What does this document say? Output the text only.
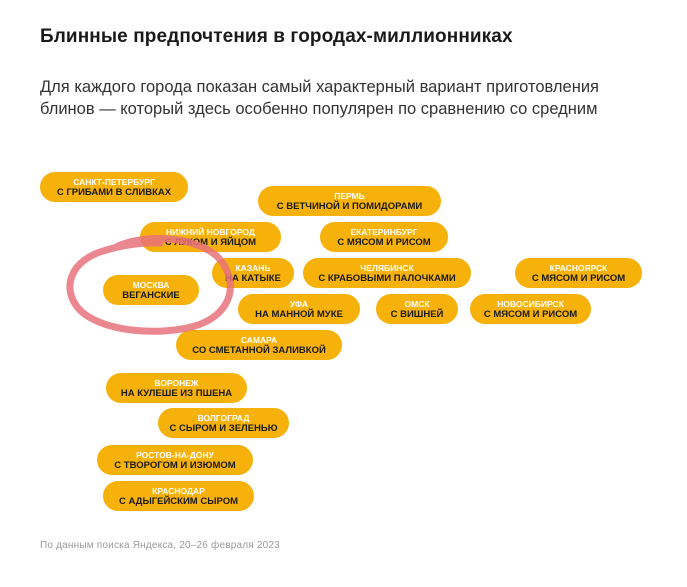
Блинные предпочтения в городах-миллионниках
Для каждого города показан самый характерный вариант приготовления блинов — который здесь особенно популярен по сравнению со средним
САНКТ-ПЕТЕРБУРГ
С ГРИБАМИ В СЛИВКАХ	ПЕРМЬ
С ВЕТЧИНОЙ И ПОМИДОРАМИ
НИЖНИЙ НОВГОРОД
С ЛУКОМ И ЯЙЦОМ
ЕКАТЕРИНБУРГ
С МЯСОМ И РИСОМ
МОСКВА
ВЕГАНСКИЕ
КАЗАНЬ
НА КАТЫКЕ
ЧЕЛЯБИНСК
С КРАБОВЫМИ ПАЛОЧКАМИ
КРАСНОЯРСК
С МЯСОМ И РИСОМ
УФА
НА МАННОЙ МУКЕ
ОМСК
С ВИШНЕЙ
НОВОСИБИРСК
С МЯСОМ И РИСОМ
САМАРА
СО СМЕТАННОЙ ЗАЛИВКОЙ
ВОРОНЕЖ
НА КУЛЕШЕ ИЗ ПШЕНА
ВОЛГОГРАД
С СЫРОМ И ЗЕЛЕНЬЮ
РОСТОВ-НА-ДОНУ
С ТВОРОГОМ И ИЗЮМОМ
КРАСНОДАР
С АДЫГЕЙСКИМ СЫРОМ
По данным поиска Яндекса, 20–26 февраля 2023
